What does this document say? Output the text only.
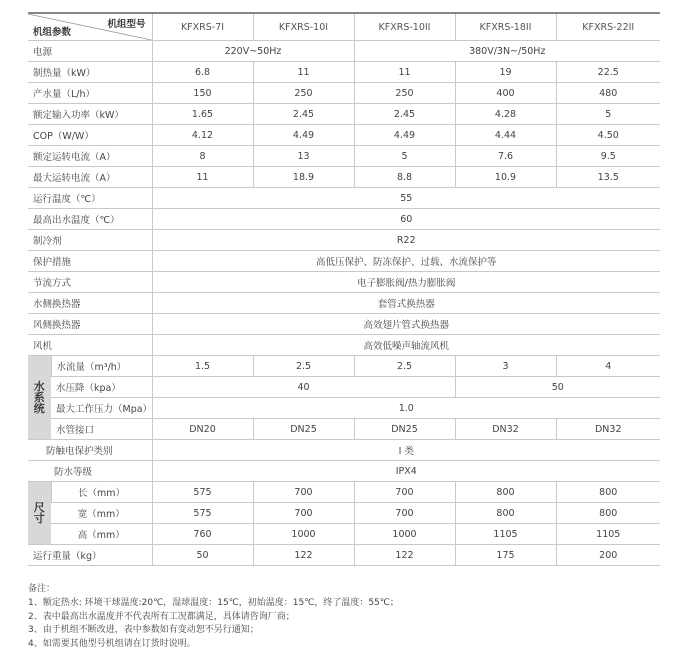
机组型号
机组参数		KFXRS-7I	KFXRS-10I	KFXRS-10II	KFXRS-18II	KFXRS-22II
电源		220V~50Hz		380V/3N~/50Hz		
制热量（kW）		6.8	11	11	19	22.5
产水量（L/h）		150	250	250	400	480
额定输入功率（kW）		1.65	2.45	2.45	4.28	5
COP（W/W）		4.12	4.49	4.49	4.44	4.50
额定运转电流（A）		8	13	5	7.6	9.5
最大运转电流（A）		11	18.9	8.8	10.9	13.5
运行温度（℃）		55				
最高出水温度（℃）		60				
制冷剂		R22				
保护措施		高低压保护、防冻保护、过载、水流保护等				
节流方式		电子膨胀阀/热力膨胀阀				
水侧换热器		套管式换热器				
风侧换热器		高效翅片管式换热器				
风机		高效低噪声轴流风机				

水系统	水流量（m³/h）	1.5	2.5	2.5	3	4
	水压降（kpa）	40			50	
	最大工作压力（Mpa）	1.0				
	水管接口	DN20	DN25	DN25	DN32	DN32
防触电保护类别		I 类				
防水等级		IPX4				

尺寸	长（mm）	575	700	700	800	800
	宽（mm）	575	700	700	800	800
	高（mm）	760	1000	1000	1105	1105
运行重量（kg）		50	122	122	175	200
备注：
1、额定热水: 环境干球温度:20℃，湿球温度：15℃，初始温度：15℃，终了温度：55℃；
2、表中最高出水温度并不代表所有工况都满足，具体请咨询厂商；
3、由于机组不断改进，表中参数如有变动恕不另行通知；
4、如需要其他型号机组请在订货时说明。
